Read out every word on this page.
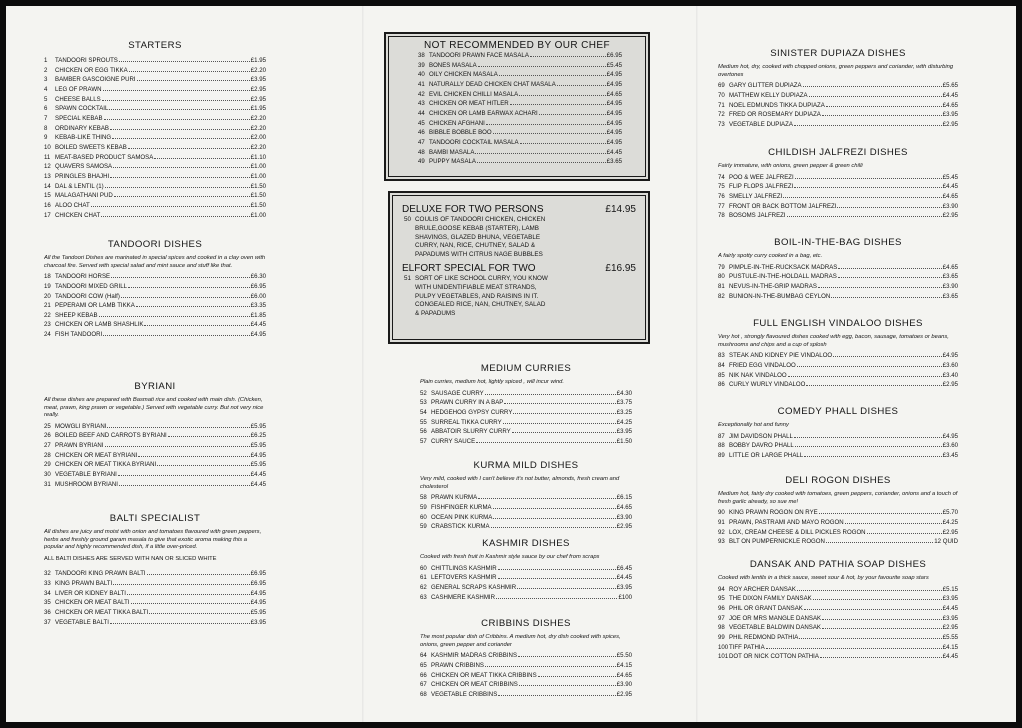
STARTERS
1	TANDOORI SPROUTS	£1.95
2	CHICKEN OR EGG TIKKA	£2.20
3	BAMBER GASCOIGNE PURI	£3.95
4	LEG OF PRAWN	£2.95
5	CHEESE BALLS	£2.95
6	SPAWN COCKTAIL	£1.95
7	SPECIAL KEBAB	£2.20
8	ORDINARY KEBAB	£2.20
9	KEBAB-LIKE THING	£2.00
10 BOILED SWEETS KEBAB	£2.20
11 MEAT-BASED PRODUCT SAMOSA	£1.10
12 QUAVERS SAMOSA	£1.00
13 PRINGLES BHAJHI	£1.00
14 DAL & LENTIL (1)	£1.50
15 MALAGATHANI PUD	£1.50
16 ALOO CHAT	£1.50
17 CHICKEN CHAT	£1.00
TANDOORI DISHES
All the Tandoori Dishes are marinated in special spices and cooked in a clay oven with charcoal fire. Served with special salad and mint sauce and stuff like that.
18 TANDOORI HORSE	£6.30
19 TANDOORI MIXED GRILL	£6.95
20 TANDOORI COW (Half)	£6.00
21 PEPERAMI OR LAMB TIKKA	£3.35
22 SHEEP KEBAB	£1.85
23 CHICKEN OR LAMB SHASHLIK	£4.45
24 FISH TANDOORI	£4.95
BYRIANI
All these dishes are prepared with Basmati rice and cooked with main dish. (Chicken, meat, prawn, king prawn or vegetable.) Served with vegetable curry. But not very nice really.
25 MOWGLI BYRIANI	£5.95
26 BOILED BEEF AND CARROTS BYRIANI	£6.25
27 PRAWN BYRIANI	£5.95
28 CHICKEN OR MEAT BYRIANI	£4.95
29 CHICKEN OR MEAT TIKKA BYRIANI	£5.95
30 VEGETABLE BYRIANI	£4.45
31 MUSHROOM BYRIANI	£4.45
BALTI SPECIALIST
All dishes are juicy and moist with onion and tomatoes flavoured with green peppers, herbs and freshly ground garam masala to give that exotic aroma making this a popular and highly recommended dish, if a little over-priced.
ALL BALTI DISHES ARE SERVED WITH NAN OR SLICED WHITE
32 TANDOORI KING PRAWN BALTI	£6.95
33 KING PRAWN BALTI	£6.95
34 LIVER OR KIDNEY BALTI	£4.95
35 CHICKEN OR MEAT BALTI	£4.95
36 CHICKEN OR MEAT TIKKA BALTI	£5.95
37 VEGETABLE BALTI	£3.95
NOT RECOMMENDED BY OUR CHEF
38 TANDOORI PRAWN FACE MASALA	£6.95
39 BONES MASALA	£5.45
40 OILY CHICKEN MASALA	£4.95
41 NATURALLY DEAD CHICKEN CHAT MASALA	£4.95
42 EVIL CHICKEN CHILLI MASALA	£4.65
43 CHICKEN OR MEAT HITLER	£4.95
44 CHICKEN OR LAMB EARWAX ACHARI	£4.95
45 CHICKEN AFGHANI	£4.95
46 BIBBLE BOBBLE BOO	£4.95
47 TANDOORI COCKTAIL MASALA	£4.95
48 BAMBI MASALA	£4.45
49 PUPPY MASALA	£3.65
DELUXE FOR TWO PERSONS	£14.95
50 COULIS OF TANDOORI CHICKEN, CHICKEN
BRULE,GOOSE KEBAB (STARTER), LAMB
SHAVINGS, GLAZED BHUNA, VEGETABLE
CURRY, NAN, RICE, CHUTNEY, SALAD &
PAPADUMS WITH CITRUS NAGE BUBBLES
ELFORT SPECIAL FOR TWO	£16.95
51 SORT OF LIKE SCHOOL CURRY, YOU KNOW
WITH UNIDENTIFIABLE MEAT STRANDS,
PULPY VEGETABLES, AND RAISINS IN IT.
CONGEALED RICE, NAN, CHUTNEY, SALAD
& PAPADUMS
MEDIUM CURRIES
Plain curries, medium hot, lightly spiced , will incur wind.
52 SAUSAGE CURRY	£4.30
53 PRAWN CURRY IN A BAP	£3.75
54 HEDGEHOG GYPSY CURRY	£3.25
55 SURREAL TIKKA CURRY	£4.25
56 ABBATOIR SLURRY CURRY	£3.95
57 CURRY SAUCE	£1.50
KURMA MILD DISHES
Very mild, cooked with I can't believe it's not butter, almonds, fresh cream and cholesterol
58 PRAWN KURMA	£6.15
59 FISHFINGER KURMA	£4.65
60 OCEAN PINK KURMA	£3.90
59 CRABSTICK KURMA	£2.95
KASHMIR DISHES
Cooked with fresh fruit in Kashmir style sauce by our chef from scraps
60 CHITTLINGS KASHMIR	£6.45
61 LEFTOVERS KASHMIR	£4.45
62 GENERAL SCRAPS KASHMIR	£3.95
63 CASHMERE KASHMIR	£100
CRIBBINS DISHES
The most popular dish of Cribbins. A medium hot, dry dish cooked with spices, onions, green pepper and coriander
64 KASHMIR MADRAS CRIBBINS	£5.50
65 PRAWN CRIBBINS	£4.15
66 CHICKEN OR MEAT TIKKA CRIBBINS	£4.65
67 CHICKEN OR MEAT CRIBBINS	£3.90
68 VEGETABLE CRIBBINS	£2.95
SINISTER DUPIAZA DISHES
Medium hot, dry, cooked with chopped onions, green peppers and coriander, with disturbing overtones
69 GARY GLITTER DUPIAZA	£5.65
70 MATTHEW KELLY DUPIAZA	£4.45
71 NOEL EDMUNDS TIKKA DUPIAZA	£4.65
72 FRED OR ROSEMARY DUPIAZA	£3.95
73 VEGETABLE DUPIAZA	£2.95
CHILDISH JALFREZI DISHES
Fairly immature, with onions, green pepper & green chilli
74 POO & WEE JALFREZI	£5.45
75 FLIP FLOPS JALFREZI	£4.45
76 SMELLY JALFREZI	£4.65
77 FRONT OR BACK BOTTOM JALFREZI	£3.90
78 BOSOMS JALFREZI	£2.95
BOIL-IN-THE-BAG DISHES
A fairly spotty curry cooked in a bag, etc.
79 PIMPLE-IN-THE-RUCKSACK MADRAS	£4.65
80 PUSTULE-IN-THE-HOLDALL MADRAS	£3.65
81 NEVUS-IN-THE-GRIP MADRAS	£3.90
82 BUNION-IN-THE-BUMBAG CEYLON	£3.65
FULL ENGLISH VINDALOO DISHES
Very hot , strongly flavoured dishes cooked with egg, bacon, sausage, tomatoes or beans, mushrooms and chips and a cup of splosh
83 STEAK AND KIDNEY PIE VINDALOO	£4.95
84 FRIED EGG VINDALOO	£3.60
85 NIK NAK VINDALOO	£3.40
86 CURLY WURLY VINDALOO	£2.95
COMEDY PHALL DISHES
Exceptionally hot and funny
87 JIM DAVIDSON PHALL	£4.95
88 BOBBY DAVRO PHALL	£3.60
89 LITTLE OR LARGE PHALL	£3.45
DELI ROGON DISHES
Medium hot, fairly dry cooked with tomatoes, green peppers, coriander, onions and a touch of fresh garlic already, so sue me!
90 KING PRAWN ROGON ON RYE	£5.70
91 PRAWN, PASTRAMI AND MAYO ROGON	£4.25
92 LOX, CREAM CHEESE & DILL PICKLES ROGON	£2.95
93 BLT ON PUMPERNICKLE ROGON	12 QUID
DANSAK AND PATHIA SOAP DISHES
Cooked with lentils in a thick sauce, sweet sour & hot, by your favourite soap stars
94 ROY ARCHER DANSAK	£5.15
95 THE DIXON FAMILY DANSAK	£3.95
96 PHIL OR GRANT DANSAK	£4.45
97 JOE OR MRS MANGLE DANSAK	£3.95
98 VEGETABLE BALDWIN DANSAK	£2.95
99 PHIL REDMOND PATHIA	£5.55
100 TIFF PATHIA	£4.15
101 DOT OR NICK COTTON PATHIA	£4.45
